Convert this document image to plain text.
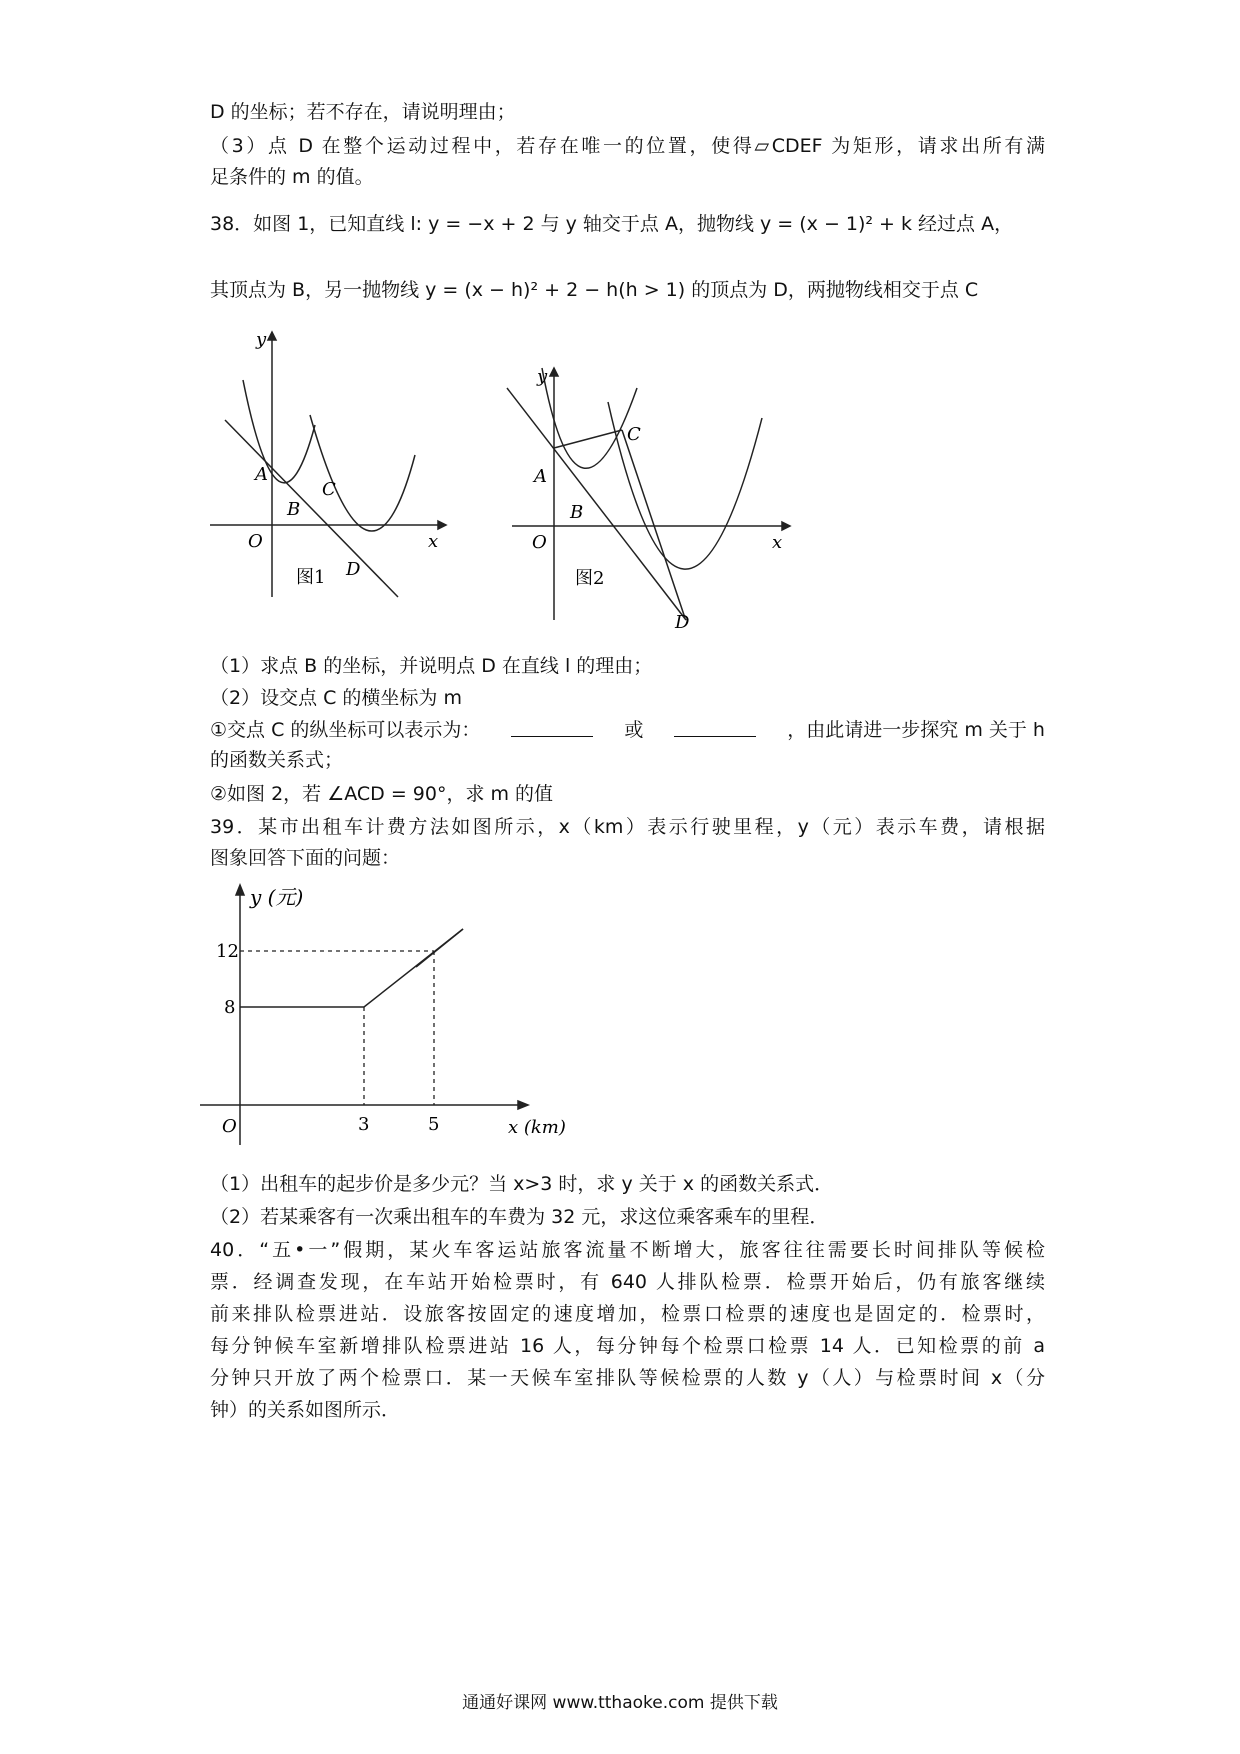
D 的坐标；若不存在，请说明理由；
（3）点 D 在整个运动过程中，若存在唯一的位置，使得▱CDEF 为矩形，请求出所有满
足条件的 m 的值。
38．如图 1，已知直线 l: y = −x + 2 与 y 轴交于点 A，抛物线 y = (x − 1)² + k 经过点 A，
其顶点为 B，另一抛物线 y = (x − h)² + 2 − h(h > 1) 的顶点为 D，两抛物线相交于点 C
y
x
O
A
B
C
D
图1
y
x
O
A
B
C
D
图2
（1）求点 B 的坐标，并说明点 D 在直线 l 的理由；
（2）设交点 C 的横坐标为 m
①交点 C 的纵坐标可以表示为：	或	，由此请进一步探究 m 关于 h
的函数关系式；
②如图 2，若 ∠ACD = 90°，求 m 的值
39．某市出租车计费方法如图所示，x（km）表示行驶里程，y（元）表示车费，请根据
图象回答下面的问题：
y (元)
x (km)
O
12
8
3	5
（1）出租车的起步价是多少元？当 x>3 时，求 y 关于 x 的函数关系式．
（2）若某乘客有一次乘出租车的车费为 32 元，求这位乘客乘车的里程．
40．“五•一”假期，某火车客运站旅客流量不断增大，旅客往往需要长时间排队等候检
票．经调查发现，在车站开始检票时，有 640 人排队检票．检票开始后，仍有旅客继续
前来排队检票进站．设旅客按固定的速度增加，检票口检票的速度也是固定的．检票时，
每分钟候车室新增排队检票进站 16 人，每分钟每个检票口检票 14 人．已知检票的前 a
分钟只开放了两个检票口．某一天候车室排队等候检票的人数 y（人）与检票时间 x（分
钟）的关系如图所示．
通通好课网 www.tthaoke.com 提供下载
